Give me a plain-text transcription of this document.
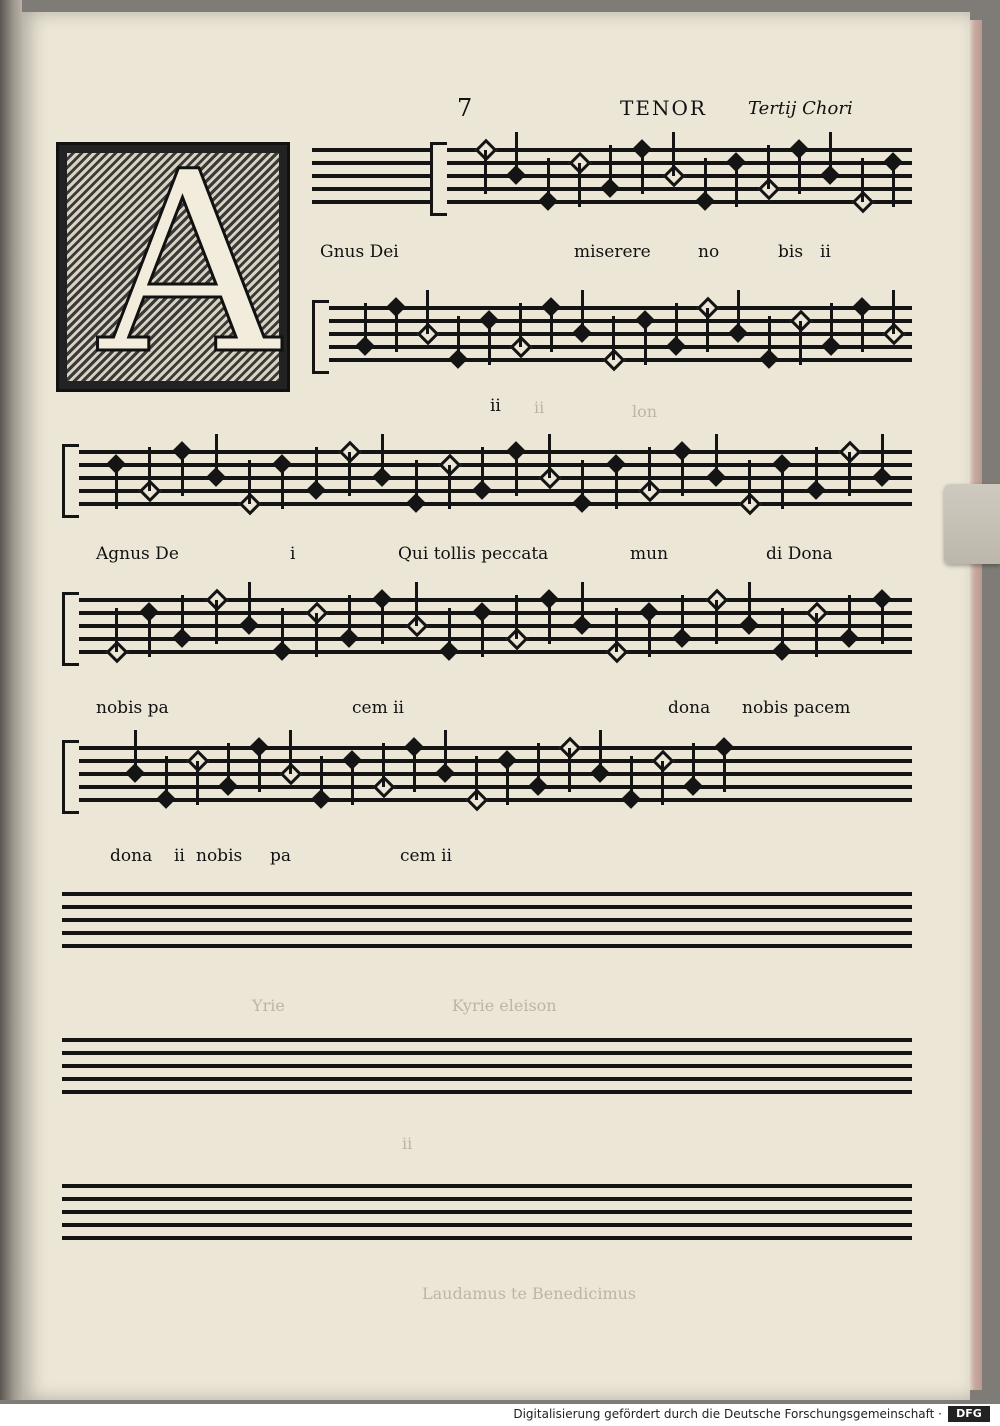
7	TENOR Tertij Chori
A Gnus Dei	miserere	no	bis ii
ii ii	lon
Agnus De	i	Qui tollis peccata	mun	di Dona
nobis pa	cem ii	dona nobis pacem
dona ii nobis pa	cem ii
Yrie	Kyrie eleison
ii
Laudamus te Benedicimus
Digitalisierung gefördert durch die Deutsche Forschungsgemeinschaft ·	DFG
